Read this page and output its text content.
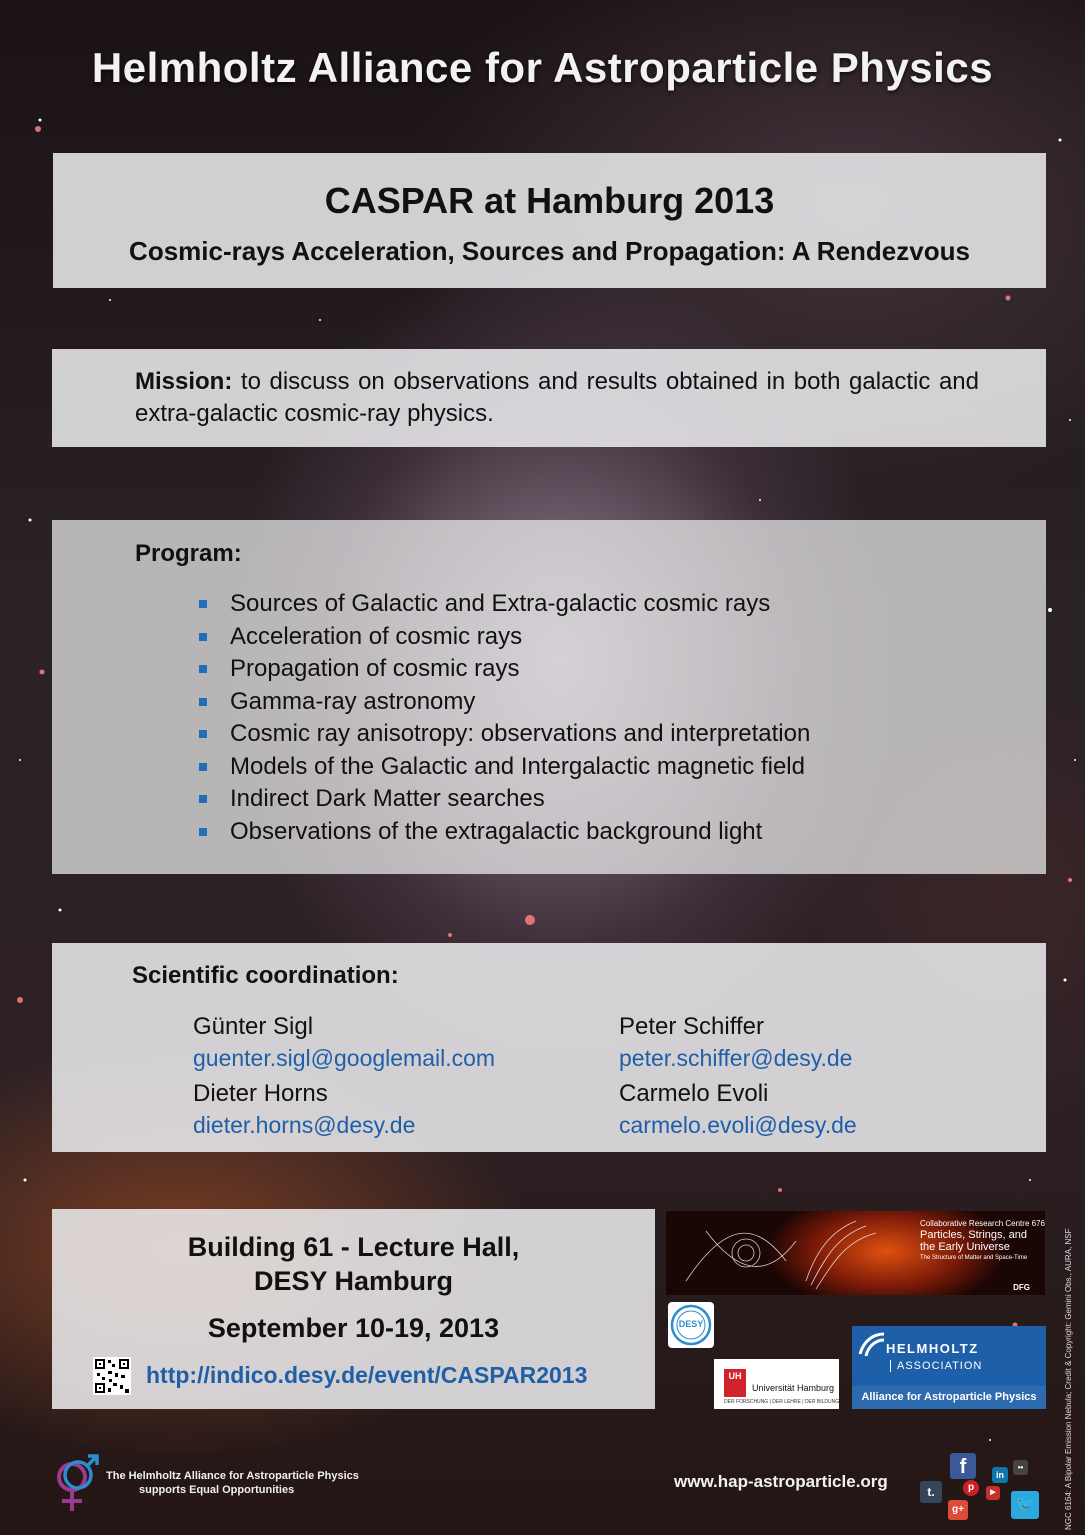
Helmholtz Alliance for Astroparticle Physics
CASPAR at Hamburg 2013
Cosmic-rays Acceleration, Sources and Propagation: A Rendezvous
Mission: to discuss on observations and results obtained in both galactic and extra-galactic cosmic-ray physics.
Program:
Sources of Galactic and Extra-galactic cosmic rays
Acceleration of cosmic rays
Propagation of cosmic rays
Gamma-ray astronomy
Cosmic ray anisotropy: observations and interpretation
Models of the Galactic and Intergalactic magnetic field
Indirect Dark Matter searches
Observations of the extragalactic background light
Scientific coordination:
Günter Sigl
guenter.sigl@googlemail.com
Peter Schiffer
peter.schiffer@desy.de
Dieter Horns
dieter.horns@desy.de
Carmelo Evoli
carmelo.evoli@desy.de
Building 61 - Lecture Hall,
DESY Hamburg
September 10-19, 2013
http://indico.desy.de/event/CASPAR2013
Collaborative Research Centre 676
Particles, Strings, and
the Early Universe
The Structure of Matter and Space-Time
DFG
DESY
UH
Universität Hamburg
DER FORSCHUNG | DER LEHRE | DER BILDUNG
HELMHOLTZ
ASSOCIATION
Alliance for Astroparticle Physics
The Helmholtz Alliance for Astroparticle Physics
supports Equal Opportunities	www.hap-astroparticle.org
f	in
••
t.	p	▶
g+	🐦	NGC 6164: A Bipolar Emission Nebula; Credit & Copyright: Gemini Obs., AURA, NSF
